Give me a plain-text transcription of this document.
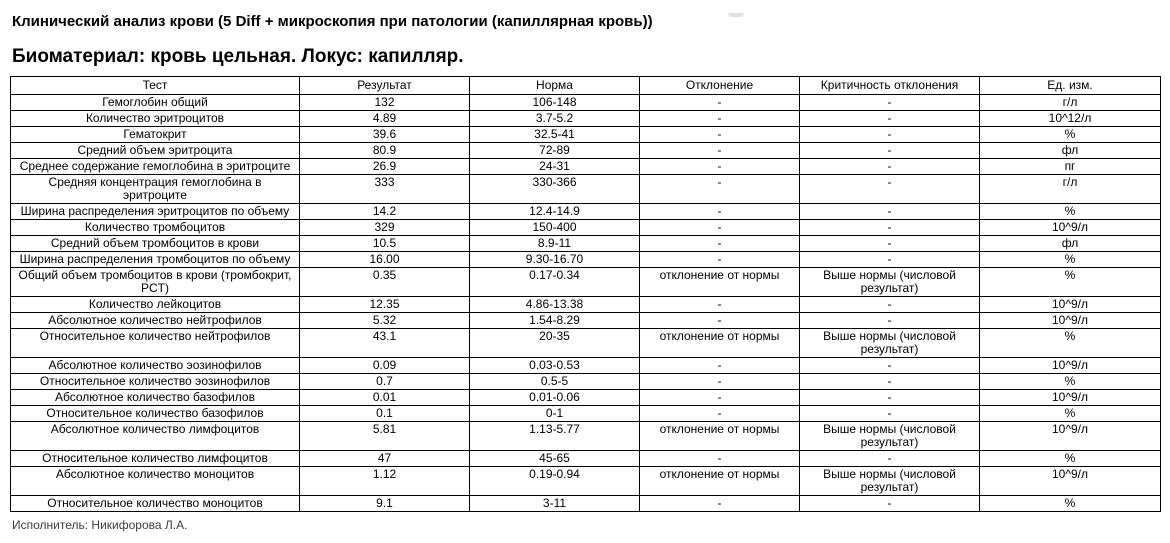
Клинический анализ крови (5 Diff + микроскопия при патологии (капиллярная кровь))
Биоматериал: кровь цельная. Локус: капилляр.
Тест	Результат	Норма	Отклонение	Критичность отклонения	Ед. изм.
Гемоглобин общий	132	106-148	-	-	г/л
Количество эритроцитов	4.89	3.7-5.2	-	-	10^12/л
Гематокрит	39.6	32.5-41	-	-	%
Средний объем эритроцита	80.9	72-89	-	-	фл
Среднее содержание гемоглобина в эритроците	26.9	24-31	-	-	пг
Средняя концентрация гемоглобина в эритроците	333	330-366	-	-	г/л
Ширина распределения эритроцитов по объему	14.2	12.4-14.9	-	-	%
Количество тромбоцитов	329	150-400	-	-	10^9/л
Средний объем тромбоцитов в крови	10.5	8.9-11	-	-	фл
Ширина распределения тромбоцитов по объему	16.00	9.30-16.70	-	-	%
Общий объем тромбоцитов в крови (тромбокрит, PCT)	0.35	0.17-0.34	отклонение от нормы	Выше нормы (числовой результат)	%
Количество лейкоцитов	12.35	4.86-13.38	-	-	10^9/л
Абсолютное количество нейтрофилов	5.32	1.54-8.29	-	-	10^9/л
Относительное количество нейтрофилов	43.1	20-35	отклонение от нормы	Выше нормы (числовой результат)	%
Абсолютное количество эозинофилов	0.09	0.03-0.53	-	-	10^9/л
Относительное количество эозинофилов	0.7	0.5-5	-	-	%
Абсолютное количество базофилов	0.01	0.01-0.06	-	-	10^9/л
Относительное количество базофилов	0.1	0-1	-	-	%
Абсолютное количество лимфоцитов	5.81	1.13-5.77	отклонение от нормы	Выше нормы (числовой результат)	10^9/л
Относительное количество лимфоцитов	47	45-65	-	-	%
Абсолютное количество моноцитов	1.12	0.19-0.94	отклонение от нормы	Выше нормы (числовой результат)	10^9/л
Относительное количество моноцитов	9.1	3-11	-	-	%
Исполнитель: Никифорова Л.А.
